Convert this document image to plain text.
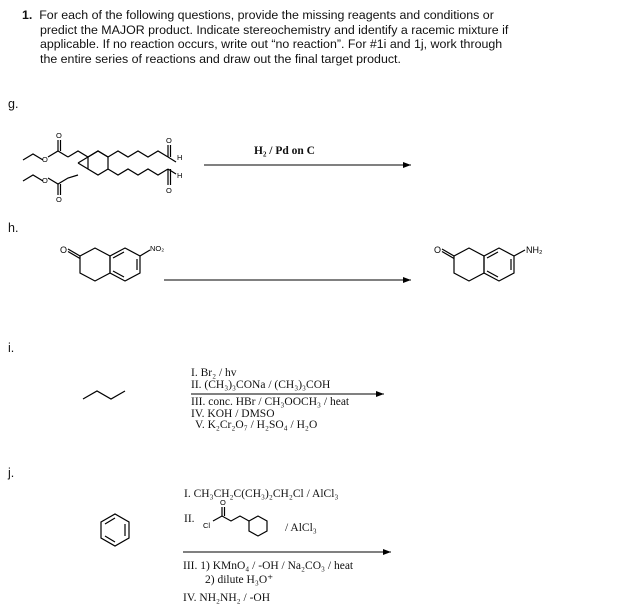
1. For each of the following questions, provide the missing reagents and conditions or
predict the MAJOR product. Indicate stereochemistry and identify a racemic mixture if
applicable. If no reaction occurs, write out “no reaction”. For #1i and 1j, work through
the entire series of reactions and draw out the final target product.
g.
h.
i.
j.
H₂ / Pd on C
I. Br₂ / hv
II. (CH₃)₃CONa / (CH₃)₃COH
III. conc. HBr / CH₃OOCH₃ / heat
IV. KOH / DMSO
V. K₂Cr₂O₇ / H₂SO₄ / H₂O
I. CH₃CH₂C(CH₃)₂CH₂Cl / AlCl₃
II.
/ AlCl₃
III. 1) KMnO₄ / -OH / Na₂CO₃ / heat
2) dilute H₃O⁺
IV. NH₂NH₂ / -OH
O
O
O
O
O
O
H
H
O	NO₂	O	NH₂
O
Cl
